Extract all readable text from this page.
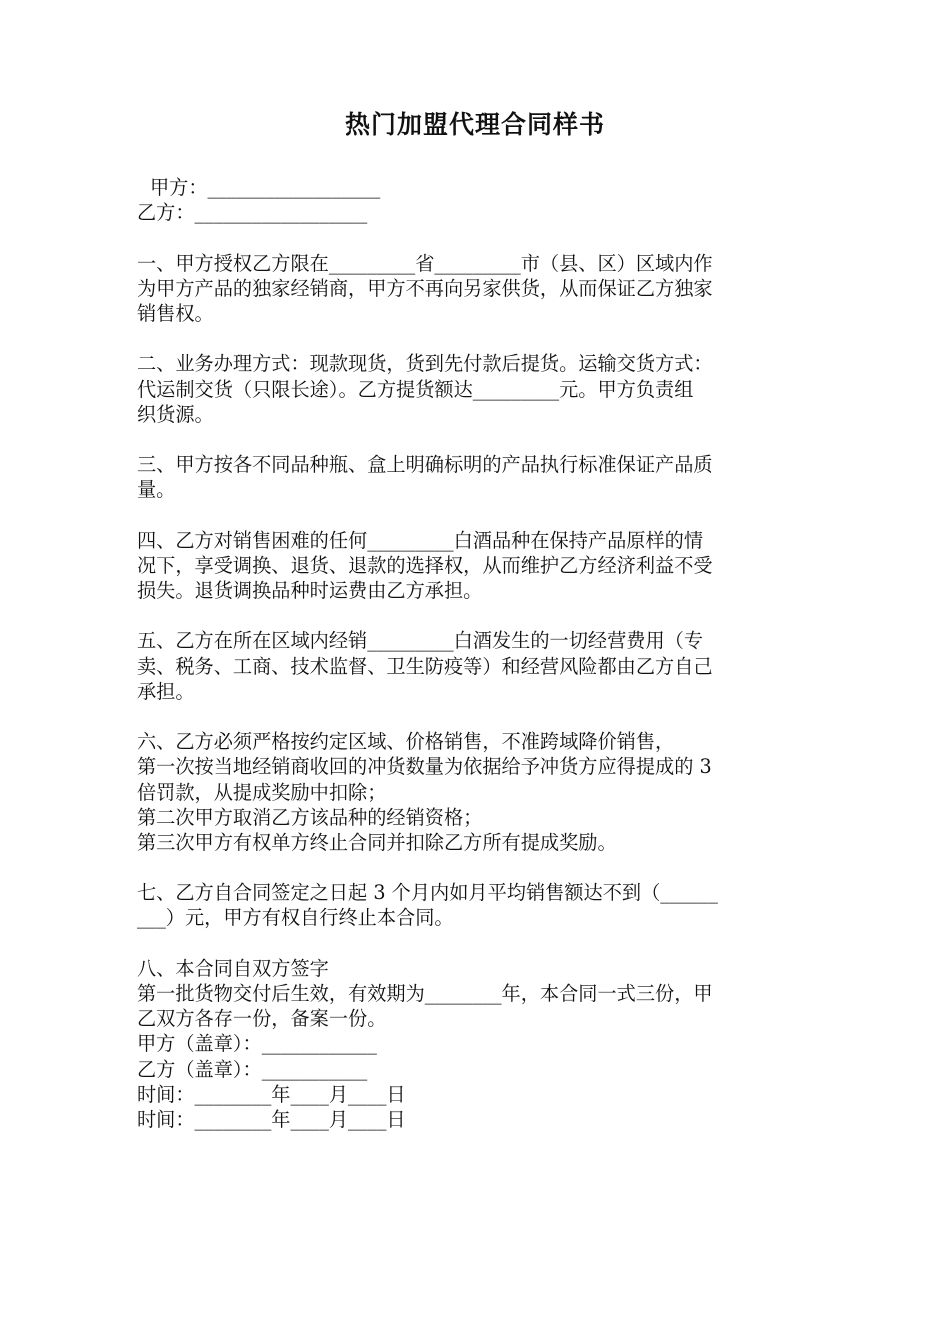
热门加盟代理合同样书
甲方：__________________
乙方：__________________
一、甲方授权乙方限在_________省_________市（县、区）区域内作
为甲方产品的独家经销商，甲方不再向另家供货，从而保证乙方独家
销售权。
二、业务办理方式：现款现货，货到先付款后提货。运输交货方式：
代运制交货（只限长途）。乙方提货额达_________元。甲方负责组
织货源。
三、甲方按各不同品种瓶、盒上明确标明的产品执行标准保证产品质
量。
四、乙方对销售困难的任何_________白酒品种在保持产品原样的情
况下，享受调换、退货、退款的选择权，从而维护乙方经济利益不受
损失。退货调换品种时运费由乙方承担。
五、乙方在所在区域内经销_________白酒发生的一切经营费用（专
卖、税务、工商、技术监督、卫生防疫等）和经营风险都由乙方自己
承担。
六、乙方必须严格按约定区域、价格销售，不准跨域降价销售，
第一次按当地经销商收回的冲货数量为依据给予冲货方应得提成的 3
倍罚款，从提成奖励中扣除；
第二次甲方取消乙方该品种的经销资格；
第三次甲方有权单方终止合同并扣除乙方所有提成奖励。
七、乙方自合同签定之日起 3 个月内如月平均销售额达不到（______
___）元，甲方有权自行终止本合同。
八、本合同自双方签字
第一批货物交付后生效，有效期为________年，本合同一式三份，甲
乙双方各存一份，备案一份。
甲方（盖章）：____________
乙方（盖章）：___________
时间：________年____月____日
时间：________年____月____日
